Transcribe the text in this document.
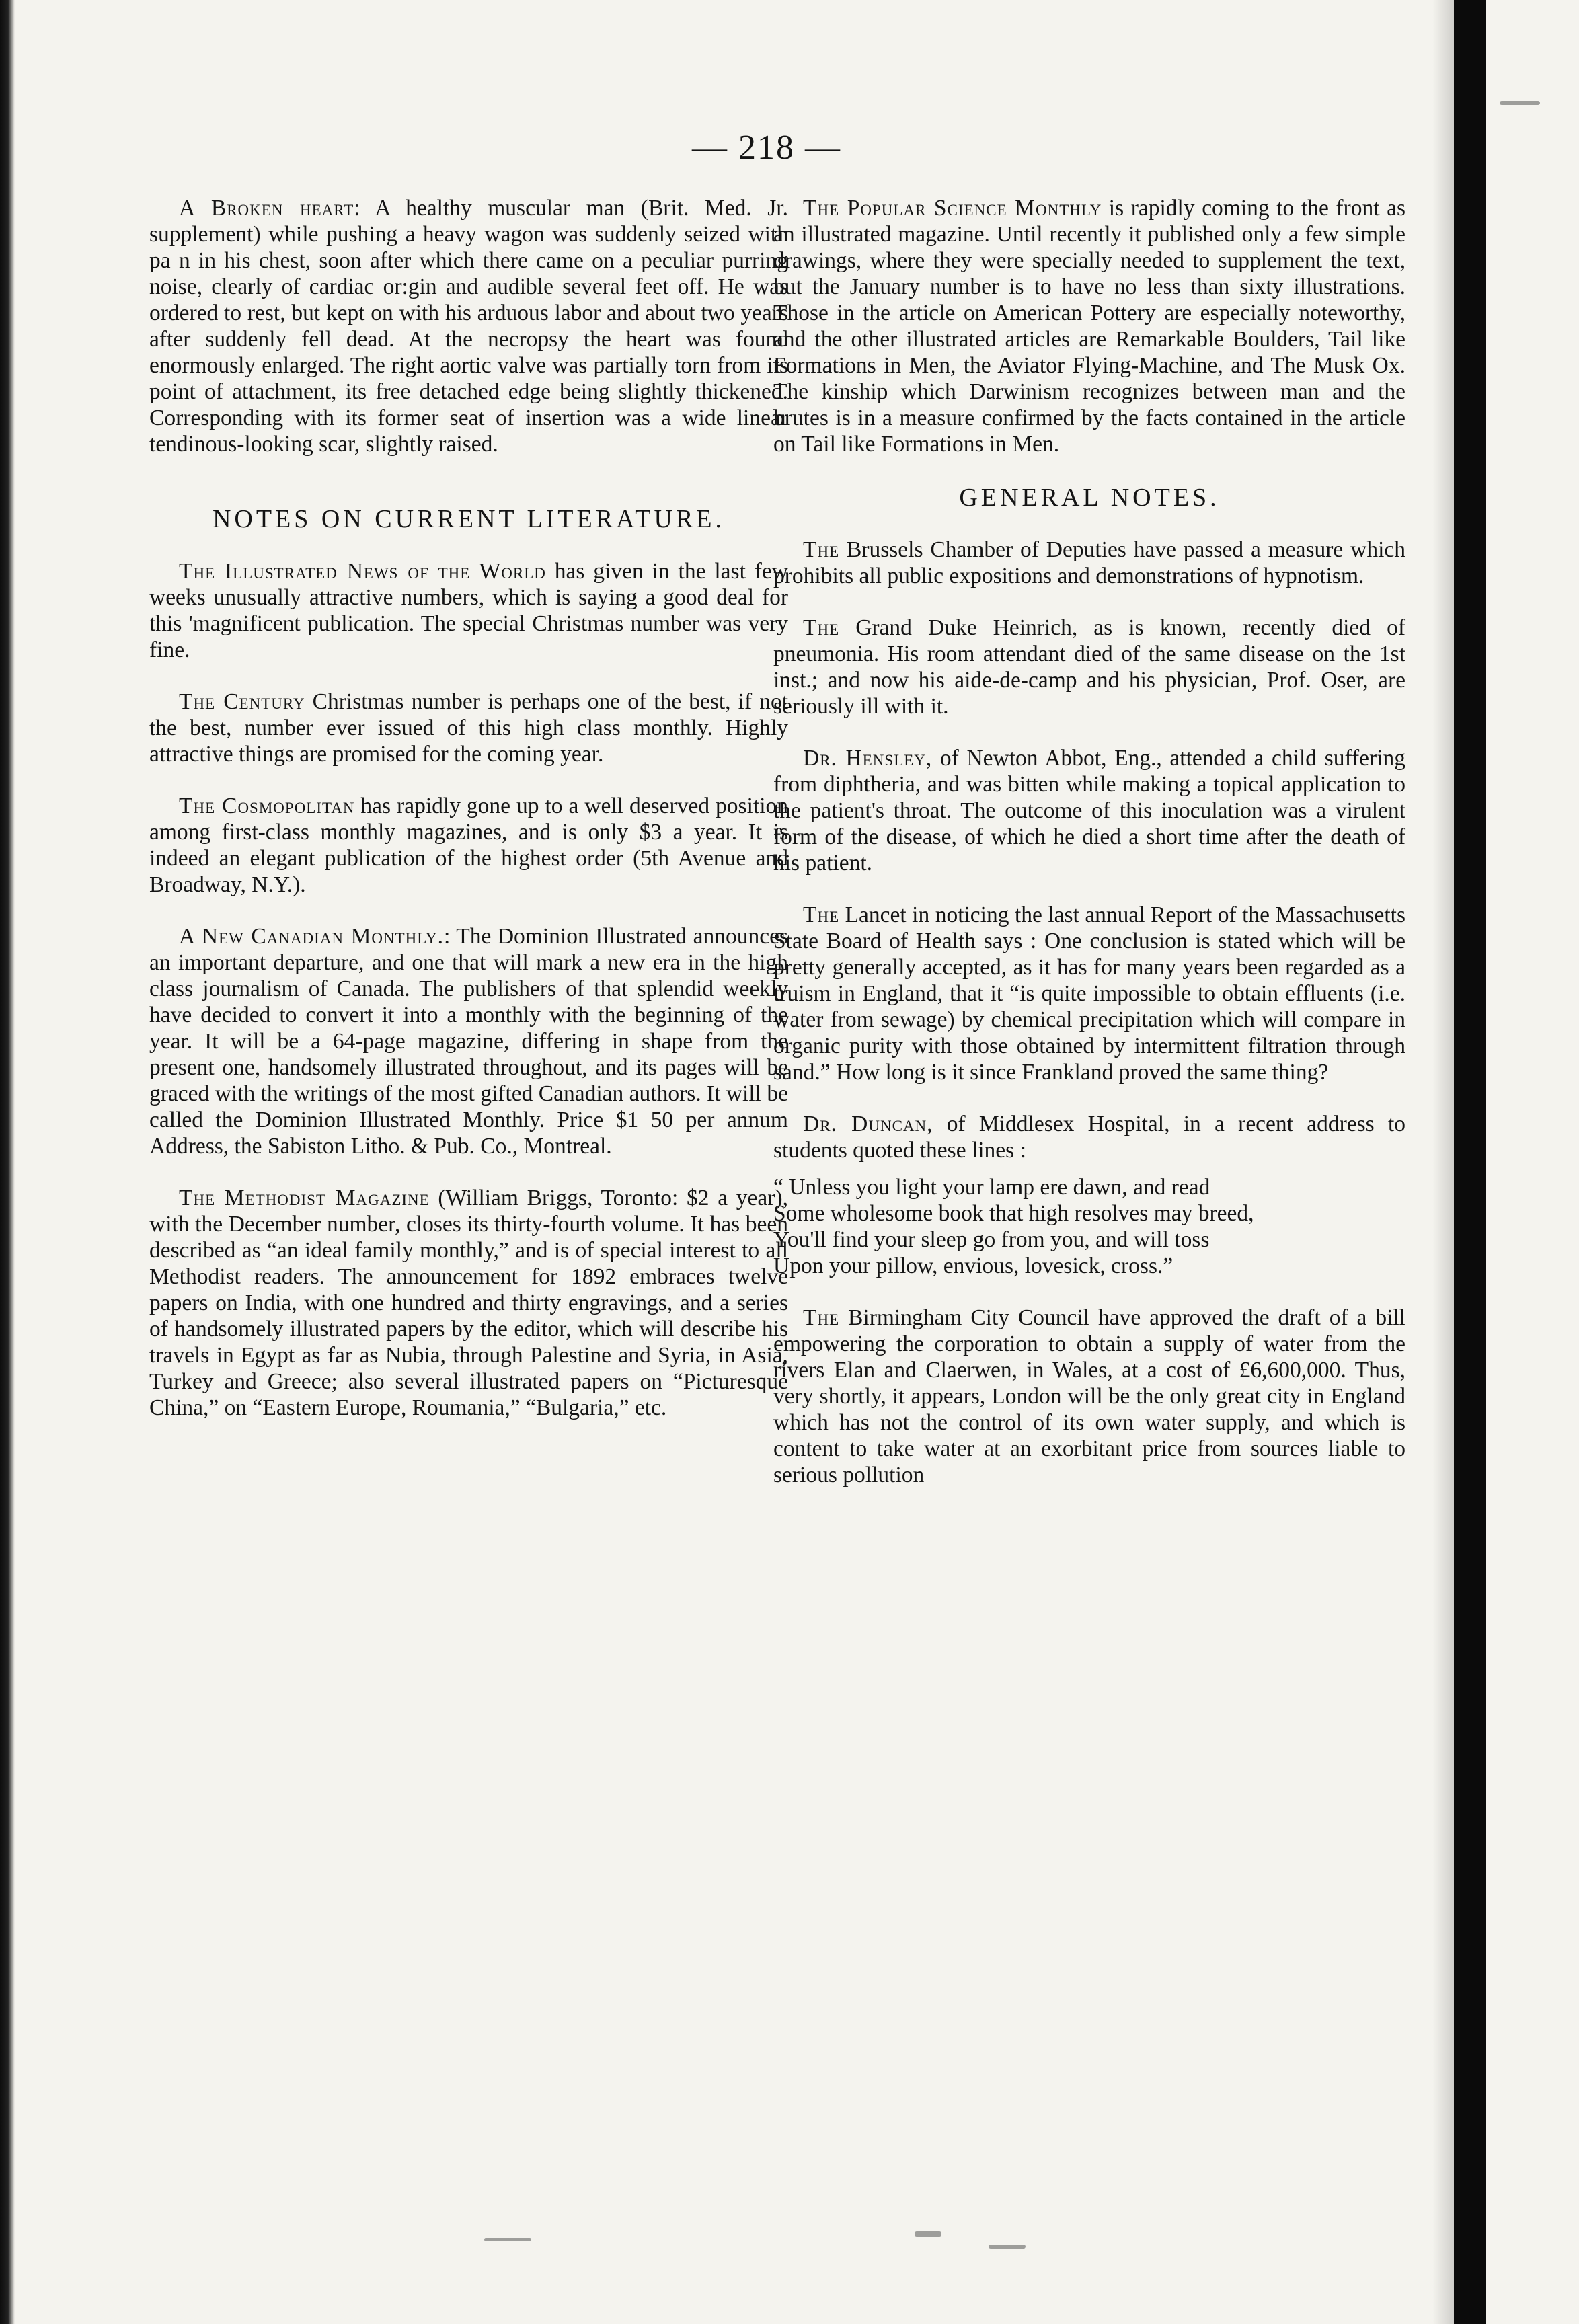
— 218 —

A Broken heart: A healthy muscular man (Brit. Med. Jr. supplement) while pushing a heavy wagon was suddenly seized with pa n in his chest, soon after which there came on a peculiar purring noise, clearly of cardiac or:gin and audible several feet off. He was ordered to rest, but kept on with his arduous labor and about two years after suddenly fell dead. At the necropsy the heart was found enormously enlarged. The right aortic valve was partially torn from its point of attachment, its free detached edge being slightly thickened. Corresponding with its former seat of insertion was a wide linear tendinous-looking scar, slightly raised.

NOTES ON CURRENT LITERATURE.

The Illustrated News of the World has given in the last few weeks unusually attractive numbers, which is saying a good deal for this 'magnificent publication. The special Christmas number was very fine.

The Century Christmas number is perhaps one of the best, if not the best, number ever issued of this high class monthly. Highly attractive things are promised for the coming year.

The Cosmopolitan has rapidly gone up to a well deserved position among first-class monthly magazines, and is only $3 a year. It is indeed an elegant publication of the highest order (5th Avenue and Broadway, N.Y.).

A New Canadian Monthly.: The Dominion Illustrated announces an important departure, and one that will mark a new era in the high class journalism of Canada. The publishers of that splendid weekly have decided to convert it into a monthly with the beginning of the year. It will be a 64-page magazine, differing in shape from the present one, handsomely illustrated throughout, and its pages will be graced with the writings of the most gifted Canadian authors. It will be called the Dominion Illustrated Monthly. Price $1 50 per annum Address, the Sabiston Litho. & Pub. Co., Montreal.

The Methodist Magazine (William Briggs, Toronto: $2 a year), with the December number, closes its thirty-fourth volume. It has been described as “an ideal family monthly,” and is of special interest to all Methodist readers. The announcement for 1892 embraces twelve papers on India, with one hundred and thirty engravings, and a series of handsomely illustrated papers by the editor, which will describe his travels in Egypt as far as Nubia, through Palestine and Syria, in Asia, Turkey and Greece; also several illustrated papers on “Picturesque China,” on “Eastern Europe, Roumania,” “Bulgaria,” etc.

The Popular Science Monthly is rapidly coming to the front as an illustrated magazine. Until recently it published only a few simple drawings, where they were specially needed to supplement the text, but the January number is to have no less than sixty illustrations. Those in the article on American Pottery are especially noteworthy, and the other illustrated articles are Remarkable Boulders, Tail like Formations in Men, the Aviator Flying-Machine, and The Musk Ox. The kinship which Darwinism recognizes between man and the brutes is in a measure confirmed by the facts contained in the article on Tail like Formations in Men.

GENERAL NOTES.

The Brussels Chamber of Deputies have passed a measure which prohibits all public expositions and demonstrations of hypnotism.

The Grand Duke Heinrich, as is known, recently died of pneumonia. His room attendant died of the same disease on the 1st inst.; and now his aide-de-camp and his physician, Prof. Oser, are seriously ill with it.

Dr. Hensley, of Newton Abbot, Eng., attended a child suffering from diphtheria, and was bitten while making a topical application to the patient's throat. The outcome of this inoculation was a virulent form of the disease, of which he died a short time after the death of his patient.

The Lancet in noticing the last annual Report of the Massachusetts State Board of Health says : One conclusion is stated which will be pretty generally accepted, as it has for many years been regarded as a truism in England, that it “is quite impossible to obtain effluents (i.e. water from sewage) by chemical precipitation which will compare in organic purity with those obtained by intermittent filtration through sand.” How long is it since Frankland proved the same thing?

Dr. Duncan, of Middlesex Hospital, in a recent address to students quoted these lines :

“ Unless you light your lamp ere dawn, and read
Some wholesome book that high resolves may breed,
You'll find your sleep go from you, and will toss
Upon your pillow, envious, lovesick, cross.”

The Birmingham City Council have approved the draft of a bill empowering the corporation to obtain a supply of water from the rivers Elan and Claerwen, in Wales, at a cost of £6,600,000. Thus, very shortly, it appears, London will be the only great city in England which has not the control of its own water supply, and which is content to take water at an exorbitant price from sources liable to serious pollution
